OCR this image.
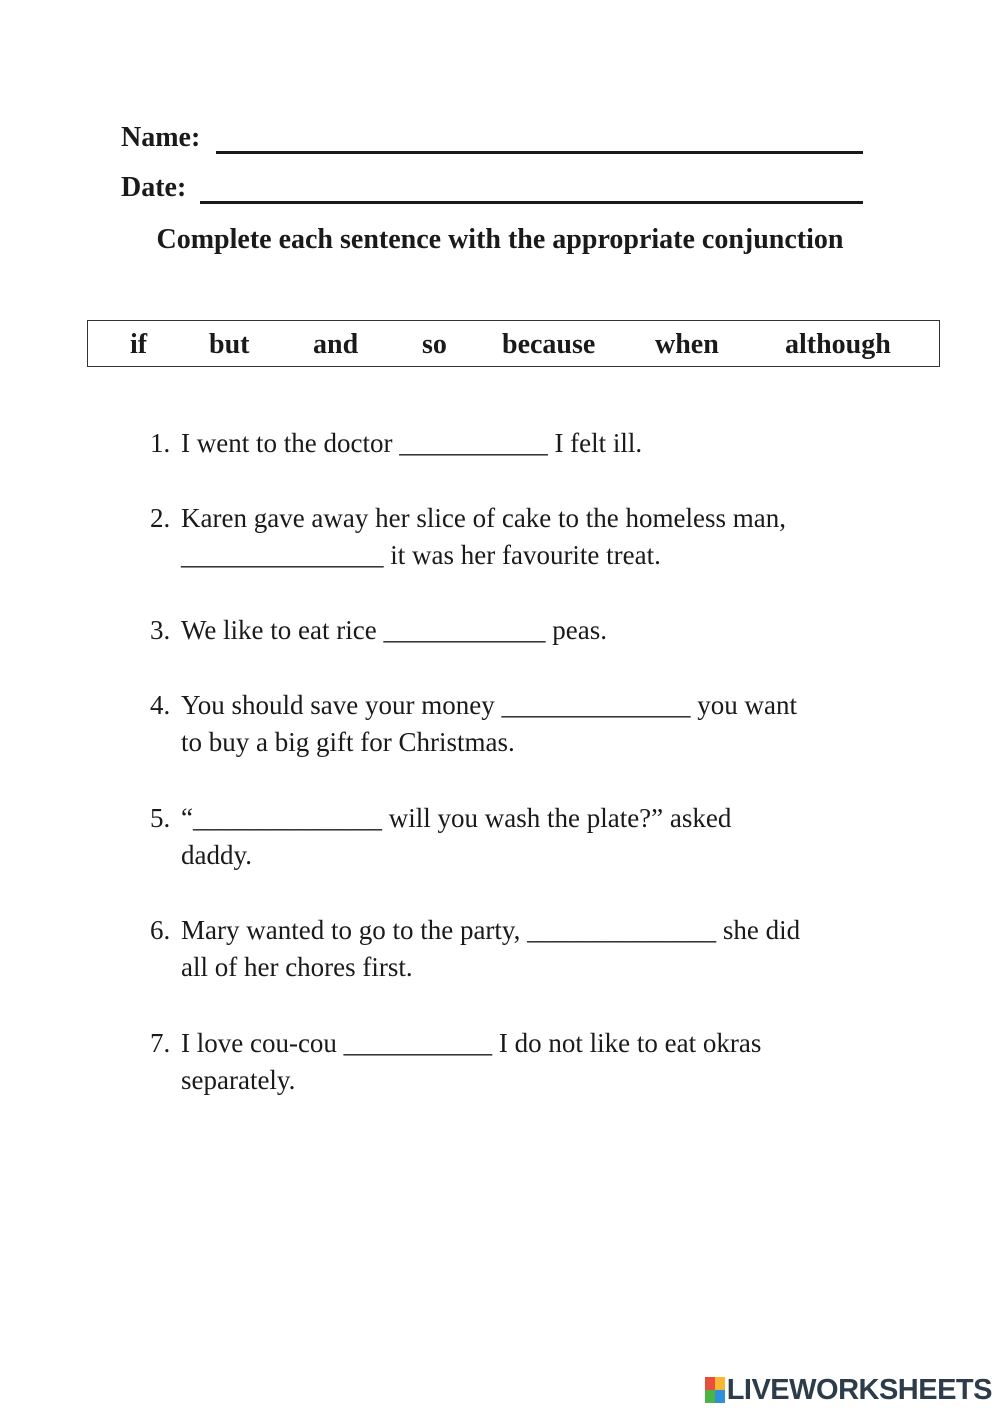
Name:
Date:
Complete each sentence with the appropriate conjunction
if but and so because when although
1. I went to the doctor ___________ I felt ill.
2. Karen gave away her slice of cake to the homeless man,
_______________ it was her favourite treat.
3. We like to eat rice ____________ peas.
4. You should save your money ______________ you want
to buy a big gift for Christmas.
5. “______________ will you wash the plate?” asked
daddy.
6. Mary wanted to go to the party, ______________ she did
all of her chores first.
7. I love cou-cou ___________ I do not like to eat okras
separately.
LIVEWORKSHEETS
